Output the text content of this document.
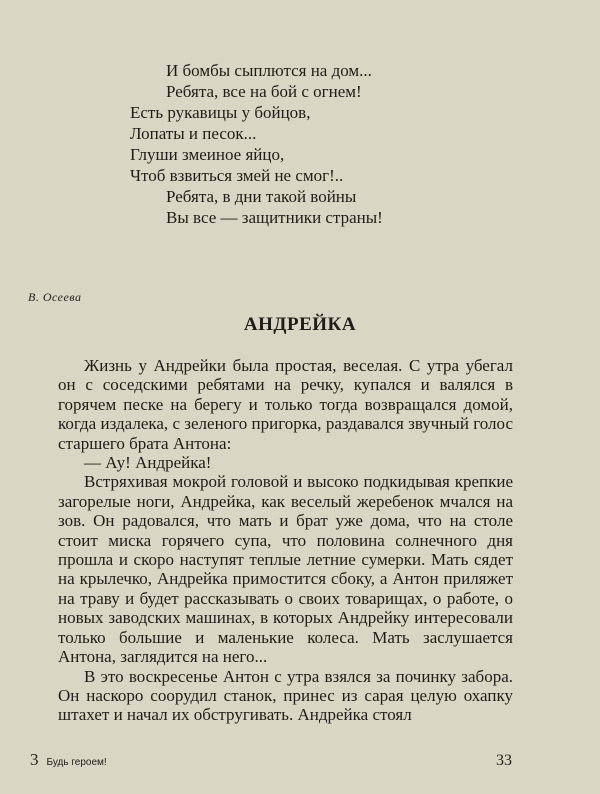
И бомбы сыплются на дом...
Ребята, все на бой с огнем!
Есть рукавицы у бойцов,
Лопаты и песок...
Глуши змеиное яйцо,
Чтоб взвиться змей не смог!..
Ребята, в дни такой войны
Вы все — защитники страны!
В. Осеева
АНДРЕЙКА

Жизнь у Андрейки была простая, веселая. С утра убегал он с соседскими ребятами на речку, купался и валялся в горячем песке на берегу и только тогда возвращался домой, когда издалека, с зеленого пригорка, раздавался звучный голос старшего брата Антона:

— Ау! Андрейка!

Встряхивая мокрой головой и высоко подкидывая крепкие загорелые ноги, Андрейка, как веселый жеребенок мчался на зов. Он радовался, что мать и брат уже дома, что на столе стоит миска горячего супа, что половина солнечного дня прошла и скоро наступят теплые летние сумерки. Мать сядет на крылечко, Андрейка примостится сбоку, а Антон приляжет на траву и будет рассказывать о своих товарищах, о работе, о новых заводских машинах, в которых Андрейку интересовали только большие и маленькие колеса. Мать заслушается Антона, заглядится на него...

В это воскресенье Антон с утра взялся за починку забора. Он наскоро соорудил станок, принес из сарая целую охапку штахет и начал их обстругивать. Андрейка стоял

3 Будь героем!	33
